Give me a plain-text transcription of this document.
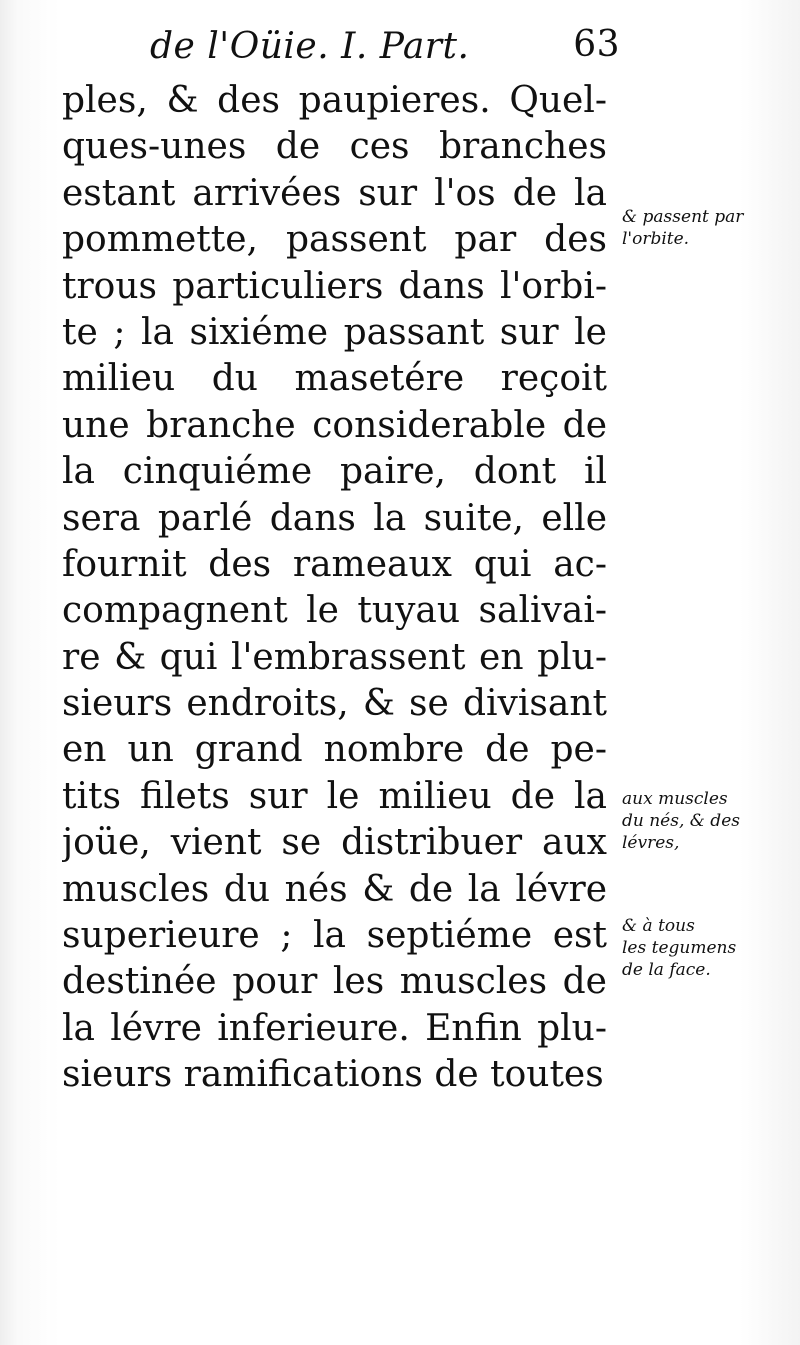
de l'Oüie. I. Part.	63
ples, & des paupieres. Quel-
ques-unes de ces branches
estant arrivées sur l'os de la
pommette, passent par des
trous particuliers dans l'orbi-
te ; la sixiéme passant sur le
milieu du masetére reçoit
une branche considerable de
la cinquiéme paire, dont il
sera parlé dans la suite, elle
fournit des rameaux qui ac-
compagnent le tuyau salivai-
re & qui l'embrassent en plu-
sieurs endroits, & se divisant
en un grand nombre de pe-
tits filets sur le milieu de la
joüe, vient se distribuer aux
muscles du nés & de la lévre
superieure ; la septiéme est
destinée pour les muscles de
la lévre inferieure. Enfin plu-
sieurs ramifications de toutes
& passent par
l'orbite.
aux muscles
du nés, & des
lévres,
& à tous
les tegumens
de la face.
